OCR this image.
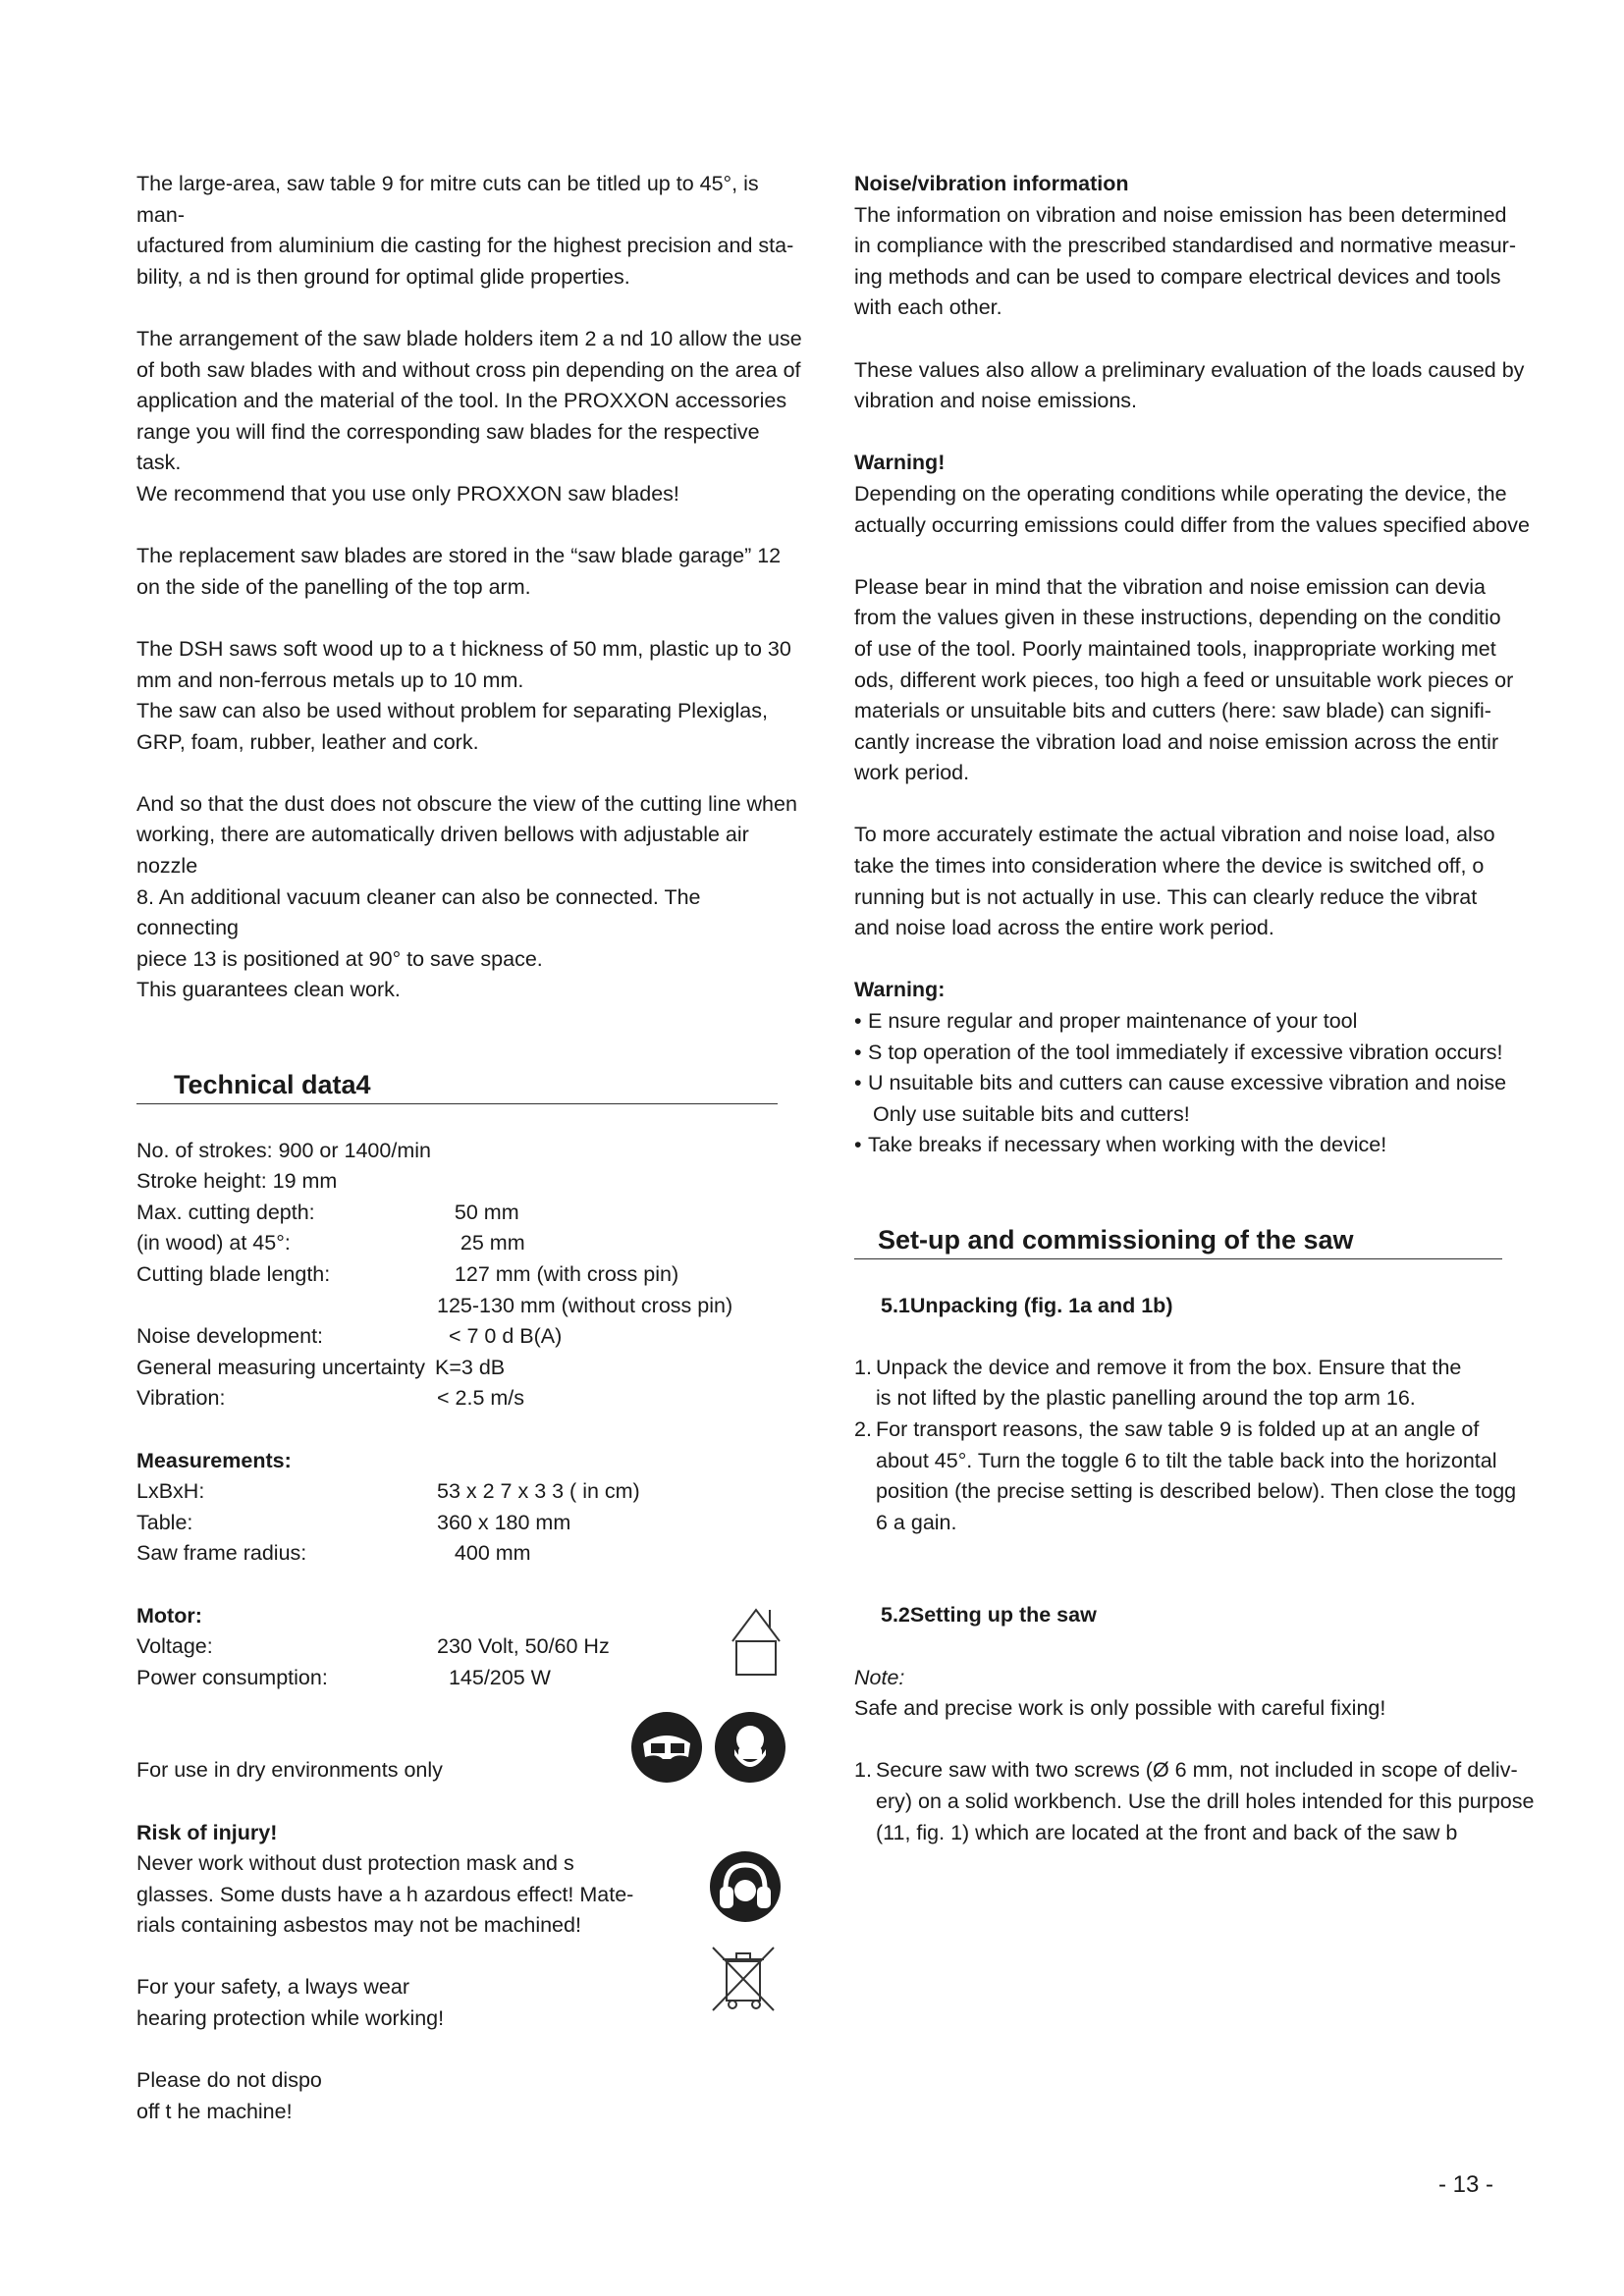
The large-area, saw table 9 for mitre cuts can be titled up to 45°, is man-

ufactured from aluminium die casting for the highest precision and sta-

bility, a nd is then ground for optimal glide properties.

The arrangement of the saw blade holders item 2 a nd 10 allow the use

of both saw blades with and without cross pin depending on the area of

application and the material of the tool. In the PROXXON accessories

range you will find the corresponding saw blades for the respective task.

We recommend that you use only PROXXON saw blades!

The replacement saw blades are stored in the “saw blade garage” 12

on the side of the panelling of the top arm.

The DSH saws soft wood up to a t hickness of 50 mm, plastic up to 30

mm and non-ferrous metals up to 10 mm.

The saw can also be used without problem for separating Plexiglas,

GRP, foam, rubber, leather and cork.

And so that the dust does not obscure the view of the cutting line when

working, there are automatically driven bellows with adjustable air nozzle

8. An additional vacuum cleaner can also be connected. The connecting

piece 13 is positioned at 90° to save space.

This guarantees clean work.

Technical data4

No. of strokes: 900 or 1400/min
Stroke height: 19 mm
Max. cutting depth:	50 mm
(in wood) at 45°:	25 mm
Cutting blade length:	127 mm (with cross pin)
125-130 mm (without cross pin)
Noise development:	< 7 0 d B(A)
General measuring uncertainty K=3 dB
Vibration:	< 2.5 m/s

Measurements:

LxBxH:	53 x 2 7 x 3 3 ( in cm)
Table:	360 x 180 mm
Saw frame radius:	400 mm

Motor:

Voltage:	230 Volt, 50/60 Hz
Power consumption:	145/205 W

For use in dry environments only

Risk of injury!

Never work without dust protection mask and s

glasses. Some dusts have a h azardous effect! Mate-

rials containing asbestos may not be machined!

For your safety, a lways wear

hearing protection while working!

Please do not dispo

off t he machine!

Noise/vibration information

The information on vibration and noise emission has been determined

in compliance with the prescribed standardised and normative measur-

ing methods and can be used to compare electrical devices and tools

with each other.

These values also allow a preliminary evaluation of the loads caused by

vibration and noise emissions.

Warning!

Depending on the operating conditions while operating the device, the

actually occurring emissions could differ from the values specified above

Please bear in mind that the vibration and noise emission can devia

from the values given in these instructions, depending on the conditio

of use of the tool. Poorly maintained tools, inappropriate working met

ods, different work pieces, too high a feed or unsuitable work pieces or

materials or unsuitable bits and cutters (here: saw blade) can signifi-

cantly increase the vibration load and noise emission across the entir

work period.

To more accurately estimate the actual vibration and noise load, also

take the times into consideration where the device is switched off, o

running but is not actually in use. This can clearly reduce the vibrat

and noise load across the entire work period.

Warning:

• E nsure regular and proper maintenance of your tool
• S top operation of the tool immediately if excessive vibration occurs!
• U nsuitable bits and cutters can cause excessive vibration and noise
Only use suitable bits and cutters!
• Take breaks if necessary when working with the device!

Set-up and commissioning of the saw

5.1Unpacking (fig. 1a and 1b)

1. Unpack the device and remove it from the box. Ensure that the

is not lifted by the plastic panelling around the top arm 16.

2. For transport reasons, the saw table 9 is folded up at an angle of

about 45°. Turn the toggle 6 to tilt the table back into the horizontal

position (the precise setting is described below). Then close the togg

6 a gain.

5.2Setting up the saw

Note:

Safe and precise work is only possible with careful fixing!

1. Secure saw with two screws (Ø 6 mm, not included in scope of deliv-

ery) on a solid workbench. Use the drill holes intended for this purpose

(11, fig. 1) which are located at the front and back of the saw b

- 13 -
